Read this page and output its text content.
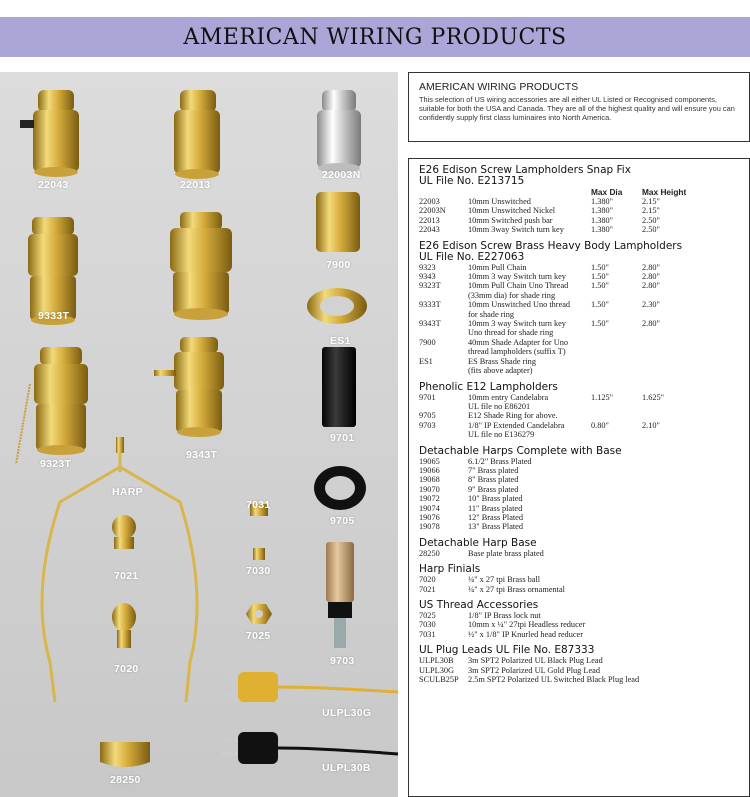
AMERICAN WIRING PRODUCTS
22043	22013
22003N
9333T
7900
ES1
9323T
9343T
9701
HARP
7031
9705
7021	7030
7025
7020
9703
ULPL30G
28250
ULPL30B
AMERICAN WIRING PRODUCTS

This selection of US wiring accessories are all either UL Listed or Recognised components, suitable for both the USA and Canada. They are all of the highest quality and will ensure you can confidently supply first class luminaires into North America.

E26 Edison Screw Lampholders Snap Fix
UL File No. E213715
Max Dia	Max Height
22003	10mm Unswitched	1.380"	2.15"
22003N	10mm Unswitched Nickel	1.380"	2.15"
22013	10mm Switched push bar	1.380"	2.50"
22043	10mm 3way Switch turn key	1.380"	2.50"
E26 Edison Screw Brass Heavy Body Lampholders
UL File No. E227063
9323	10mm Pull Chain	1.50"	2.80"
9343	10mm 3 way Switch turn key	1.50"	2.80"
9323T	10mm Pull Chain Uno Thread	1.50"	2.80"
(33mm dia) for shade ring
9333T	10mm Unswitched Uno thread	1.50"	2.30"
for shade ring
9343T	10mm 3 way Switch turn key	1.50"	2.80"
Uno thread for shade ring
7900	40mm Shade Adapter for Uno
thread lampholders (suffix T)
ES1	ES Brass Shade ring
(fits above adapter)
Phenolic E12 Lampholders
9701	10mm entry Candelabra	1.125"	1.625"
UL file no E86201
9705	E12 Shade Ring for above.
9703	1/8" IP Extended Candelabra	0.80"	2.10"
UL file no E136279
Detachable Harps Complete with Base
19065	6.1/2" Brass Plated
19066	7" Brass plated
19068	8" Brass plated
19070	9" Brass plated
19072	10" Brass plated
19074	11" Brass plated
19076	12" Brass Plated
19078	13" Brass Plated
Detachable Harp Base
28250	Base plate brass plated
Harp Finials
7020	¼" x 27 tpi Brass ball
7021	¼" x 27 tpi Brass ornamental
US Thread Accessories
7025	1/8" IP Brass lock nut
7030	10mm x ¼" 27tpi Headless reducer
7031	½" x 1/8" IP Knurled head reducer
UL Plug Leads UL File No. E87333
ULPL30B	3m SPT2 Polarized UL Black Plug Lead
ULPL30G	3m SPT2 Polarized UL Gold Plug Lead
SCULB25P	2.5m SPT2 Polarized UL Switched Black Plug lead
